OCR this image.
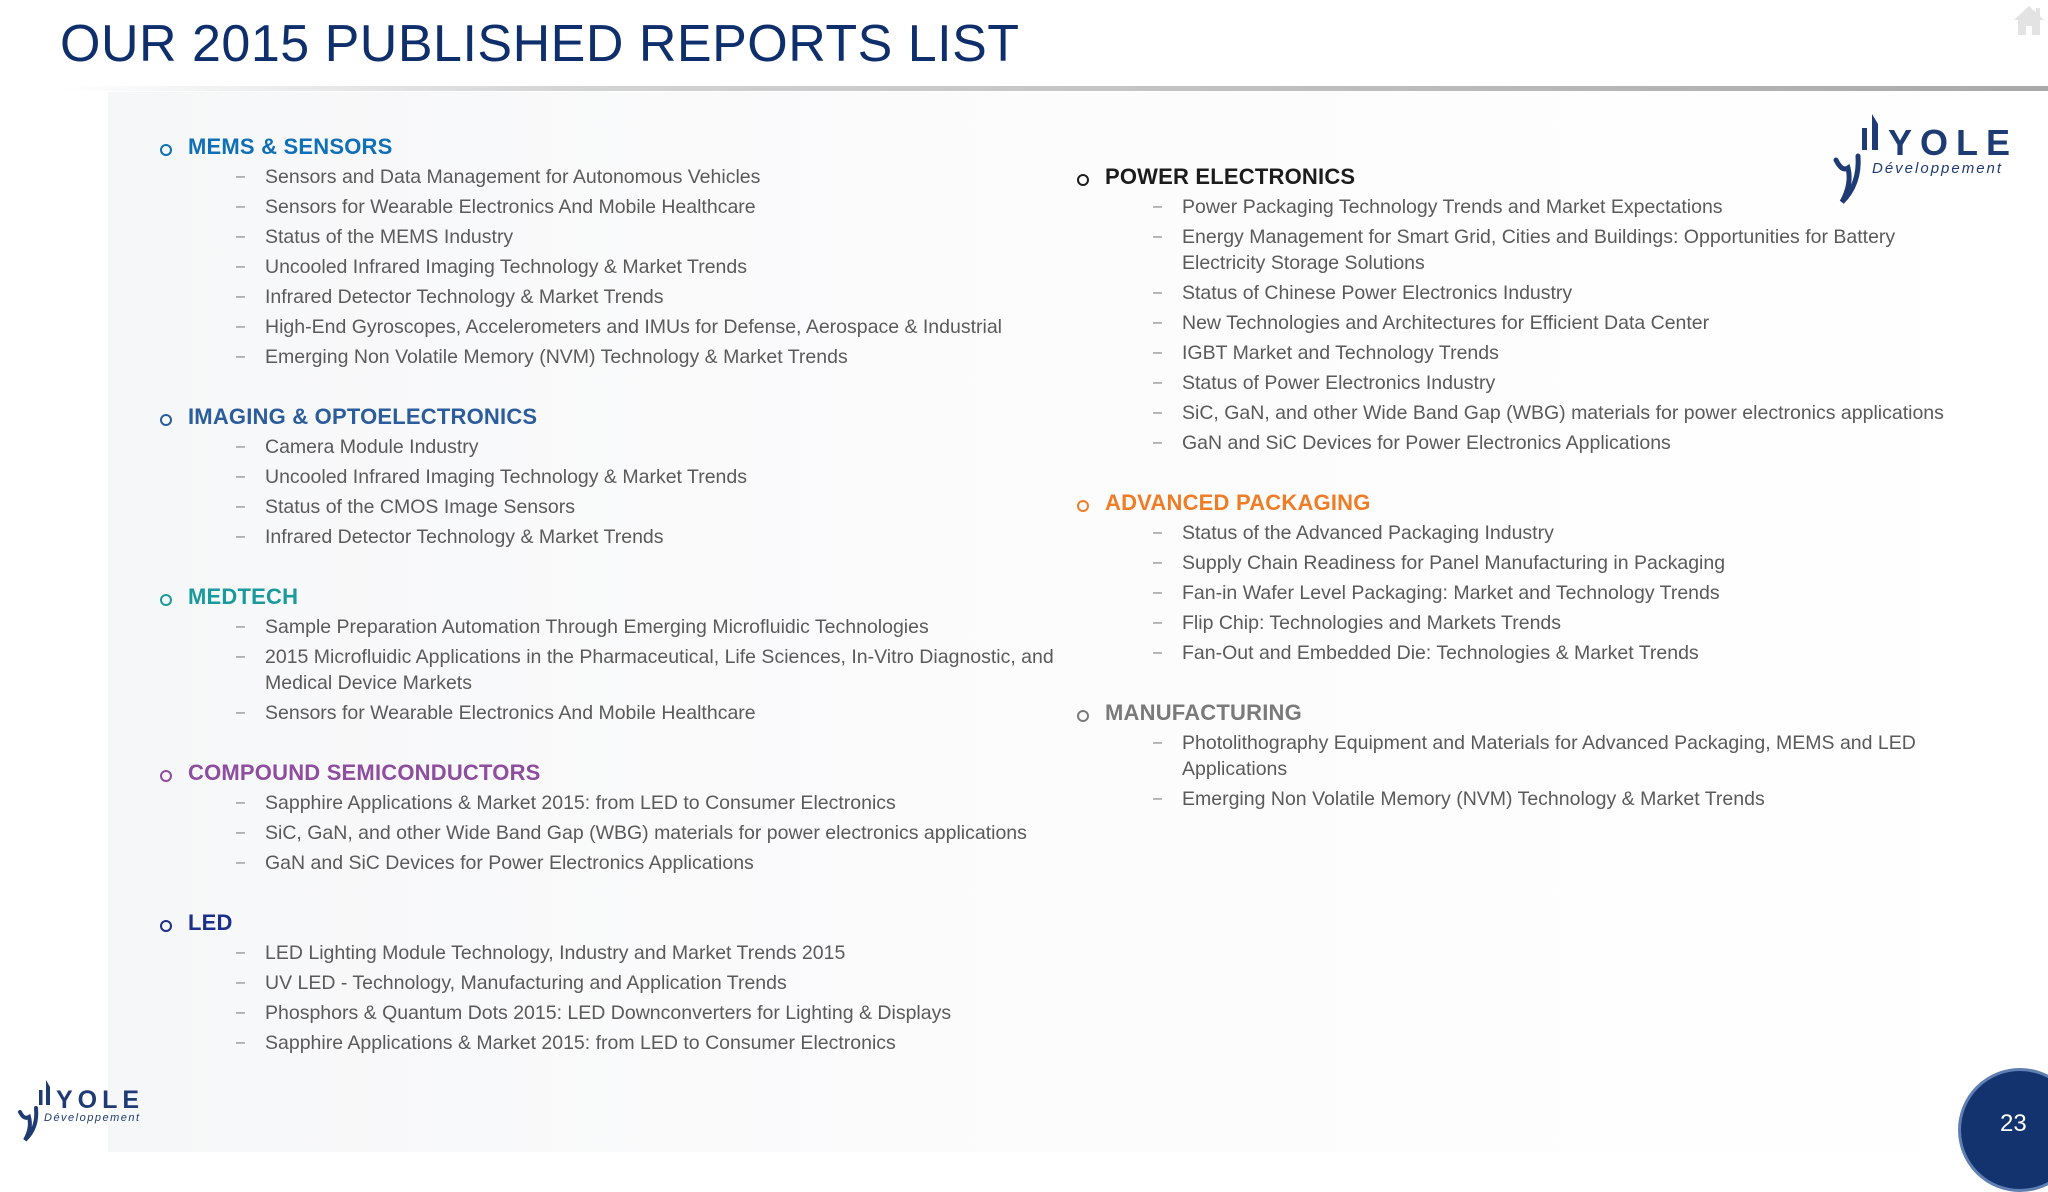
OUR 2015 PUBLISHED REPORTS LIST
YOLE
Développement
MEMS & SENSORS
– Sensors and Data Management for Autonomous Vehicles
– Sensors for Wearable Electronics And Mobile Healthcare
– Status of the MEMS Industry
– Uncooled Infrared Imaging Technology & Market Trends
– Infrared Detector Technology & Market Trends
– High-End Gyroscopes, Accelerometers and IMUs for Defense, Aerospace & Industrial
– Emerging Non Volatile Memory (NVM) Technology & Market Trends
IMAGING & OPTOELECTRONICS
– Camera Module Industry
– Uncooled Infrared Imaging Technology & Market Trends
– Status of the CMOS Image Sensors
– Infrared Detector Technology & Market Trends
MEDTECH
– Sample Preparation Automation Through Emerging Microfluidic Technologies
– 2015 Microfluidic Applications in the Pharmaceutical, Life Sciences, In-Vitro Diagnostic, and Medical Device Markets
– Sensors for Wearable Electronics And Mobile Healthcare
COMPOUND SEMICONDUCTORS
– Sapphire Applications & Market 2015: from LED to Consumer Electronics
– SiC, GaN, and other Wide Band Gap (WBG) materials for power electronics applications
– GaN and SiC Devices for Power Electronics Applications
LED
– LED Lighting Module Technology, Industry and Market Trends 2015
– UV LED - Technology, Manufacturing and Application Trends
– Phosphors & Quantum Dots 2015: LED Downconverters for Lighting & Displays
– Sapphire Applications & Market 2015: from LED to Consumer Electronics
POWER ELECTRONICS
– Power Packaging Technology Trends and Market Expectations
– Energy Management for Smart Grid, Cities and Buildings: Opportunities for Battery Electricity Storage Solutions
– Status of Chinese Power Electronics Industry
– New Technologies and Architectures for Efficient Data Center
– IGBT Market and Technology Trends
– Status of Power Electronics Industry
– SiC, GaN, and other Wide Band Gap (WBG) materials for power electronics applications
– GaN and SiC Devices for Power Electronics Applications
ADVANCED PACKAGING
– Status of the Advanced Packaging Industry
– Supply Chain Readiness for Panel Manufacturing in Packaging
– Fan-in Wafer Level Packaging: Market and Technology Trends
– Flip Chip: Technologies and Markets Trends
– Fan-Out and Embedded Die: Technologies & Market Trends
MANUFACTURING
– Photolithography Equipment and Materials for Advanced Packaging, MEMS and LED Applications
– Emerging Non Volatile Memory (NVM) Technology & Market Trends
YOLE
Développement	23
